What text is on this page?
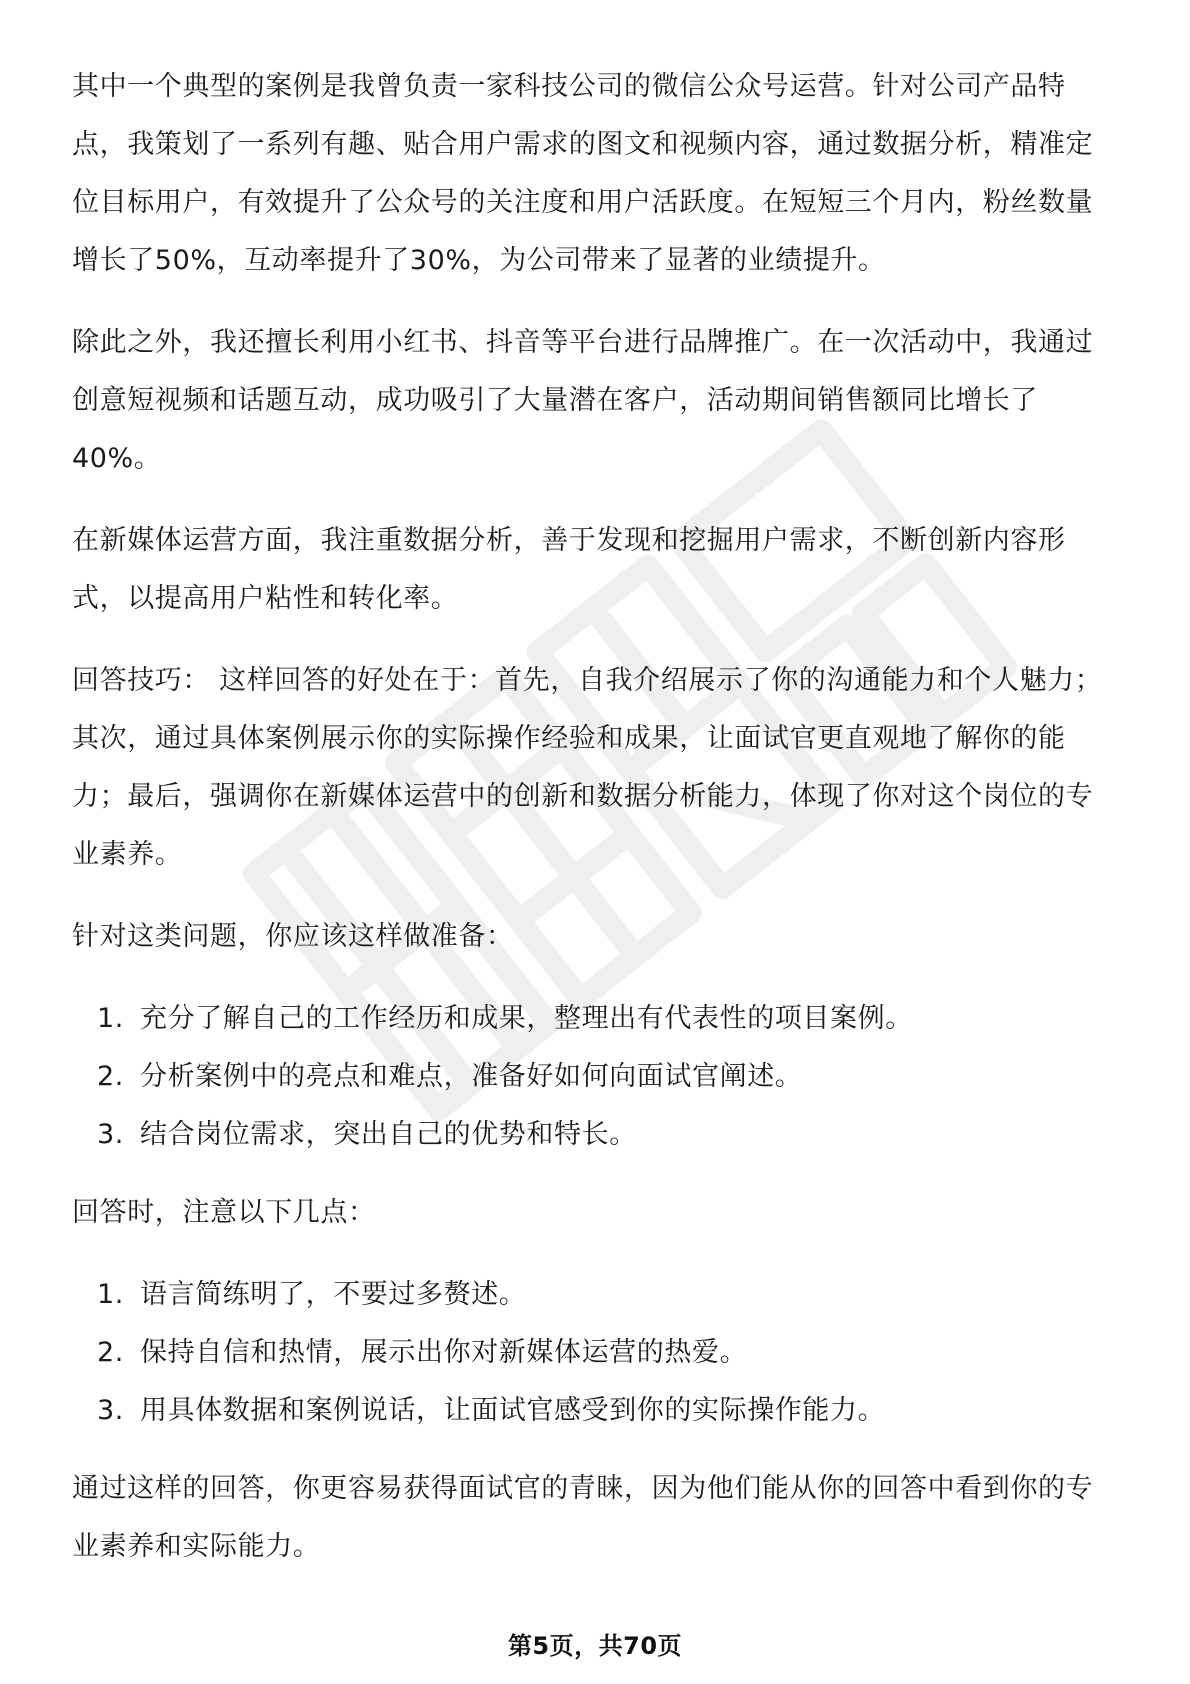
其中一个典型的案例是我曾负责一家科技公司的微信公众号运营。针对公司产品特点，我策划了一系列有趣、贴合用户需求的图文和视频内容，通过数据分析，精准定位目标用户，有效提升了公众号的关注度和用户活跃度。在短短三个月内，粉丝数量增长了50%，互动率提升了30%，为公司带来了显著的业绩提升。

除此之外，我还擅长利用小红书、抖音等平台进行品牌推广。在一次活动中，我通过创意短视频和话题互动，成功吸引了大量潜在客户，活动期间销售额同比增长了40%。

在新媒体运营方面，我注重数据分析，善于发现和挖掘用户需求，不断创新内容形式，以提高用户粘性和转化率。

回答技巧： 这样回答的好处在于：首先，自我介绍展示了你的沟通能力和个人魅力；其次，通过具体案例展示你的实际操作经验和成果，让面试官更直观地了解你的能力；最后，强调你在新媒体运营中的创新和数据分析能力，体现了你对这个岗位的专业素养。

针对这类问题，你应该这样做准备：

1. 充分了解自己的工作经历和成果，整理出有代表性的项目案例。
2. 分析案例中的亮点和难点，准备好如何向面试官阐述。
3. 结合岗位需求，突出自己的优势和特长。

回答时，注意以下几点：

1. 语言简练明了，不要过多赘述。
2. 保持自信和热情，展示出你对新媒体运营的热爱。
3. 用具体数据和案例说话，让面试官感受到你的实际操作能力。

通过这样的回答，你更容易获得面试官的青睐，因为他们能从你的回答中看到你的专业素养和实际能力。

第5页，共70页
